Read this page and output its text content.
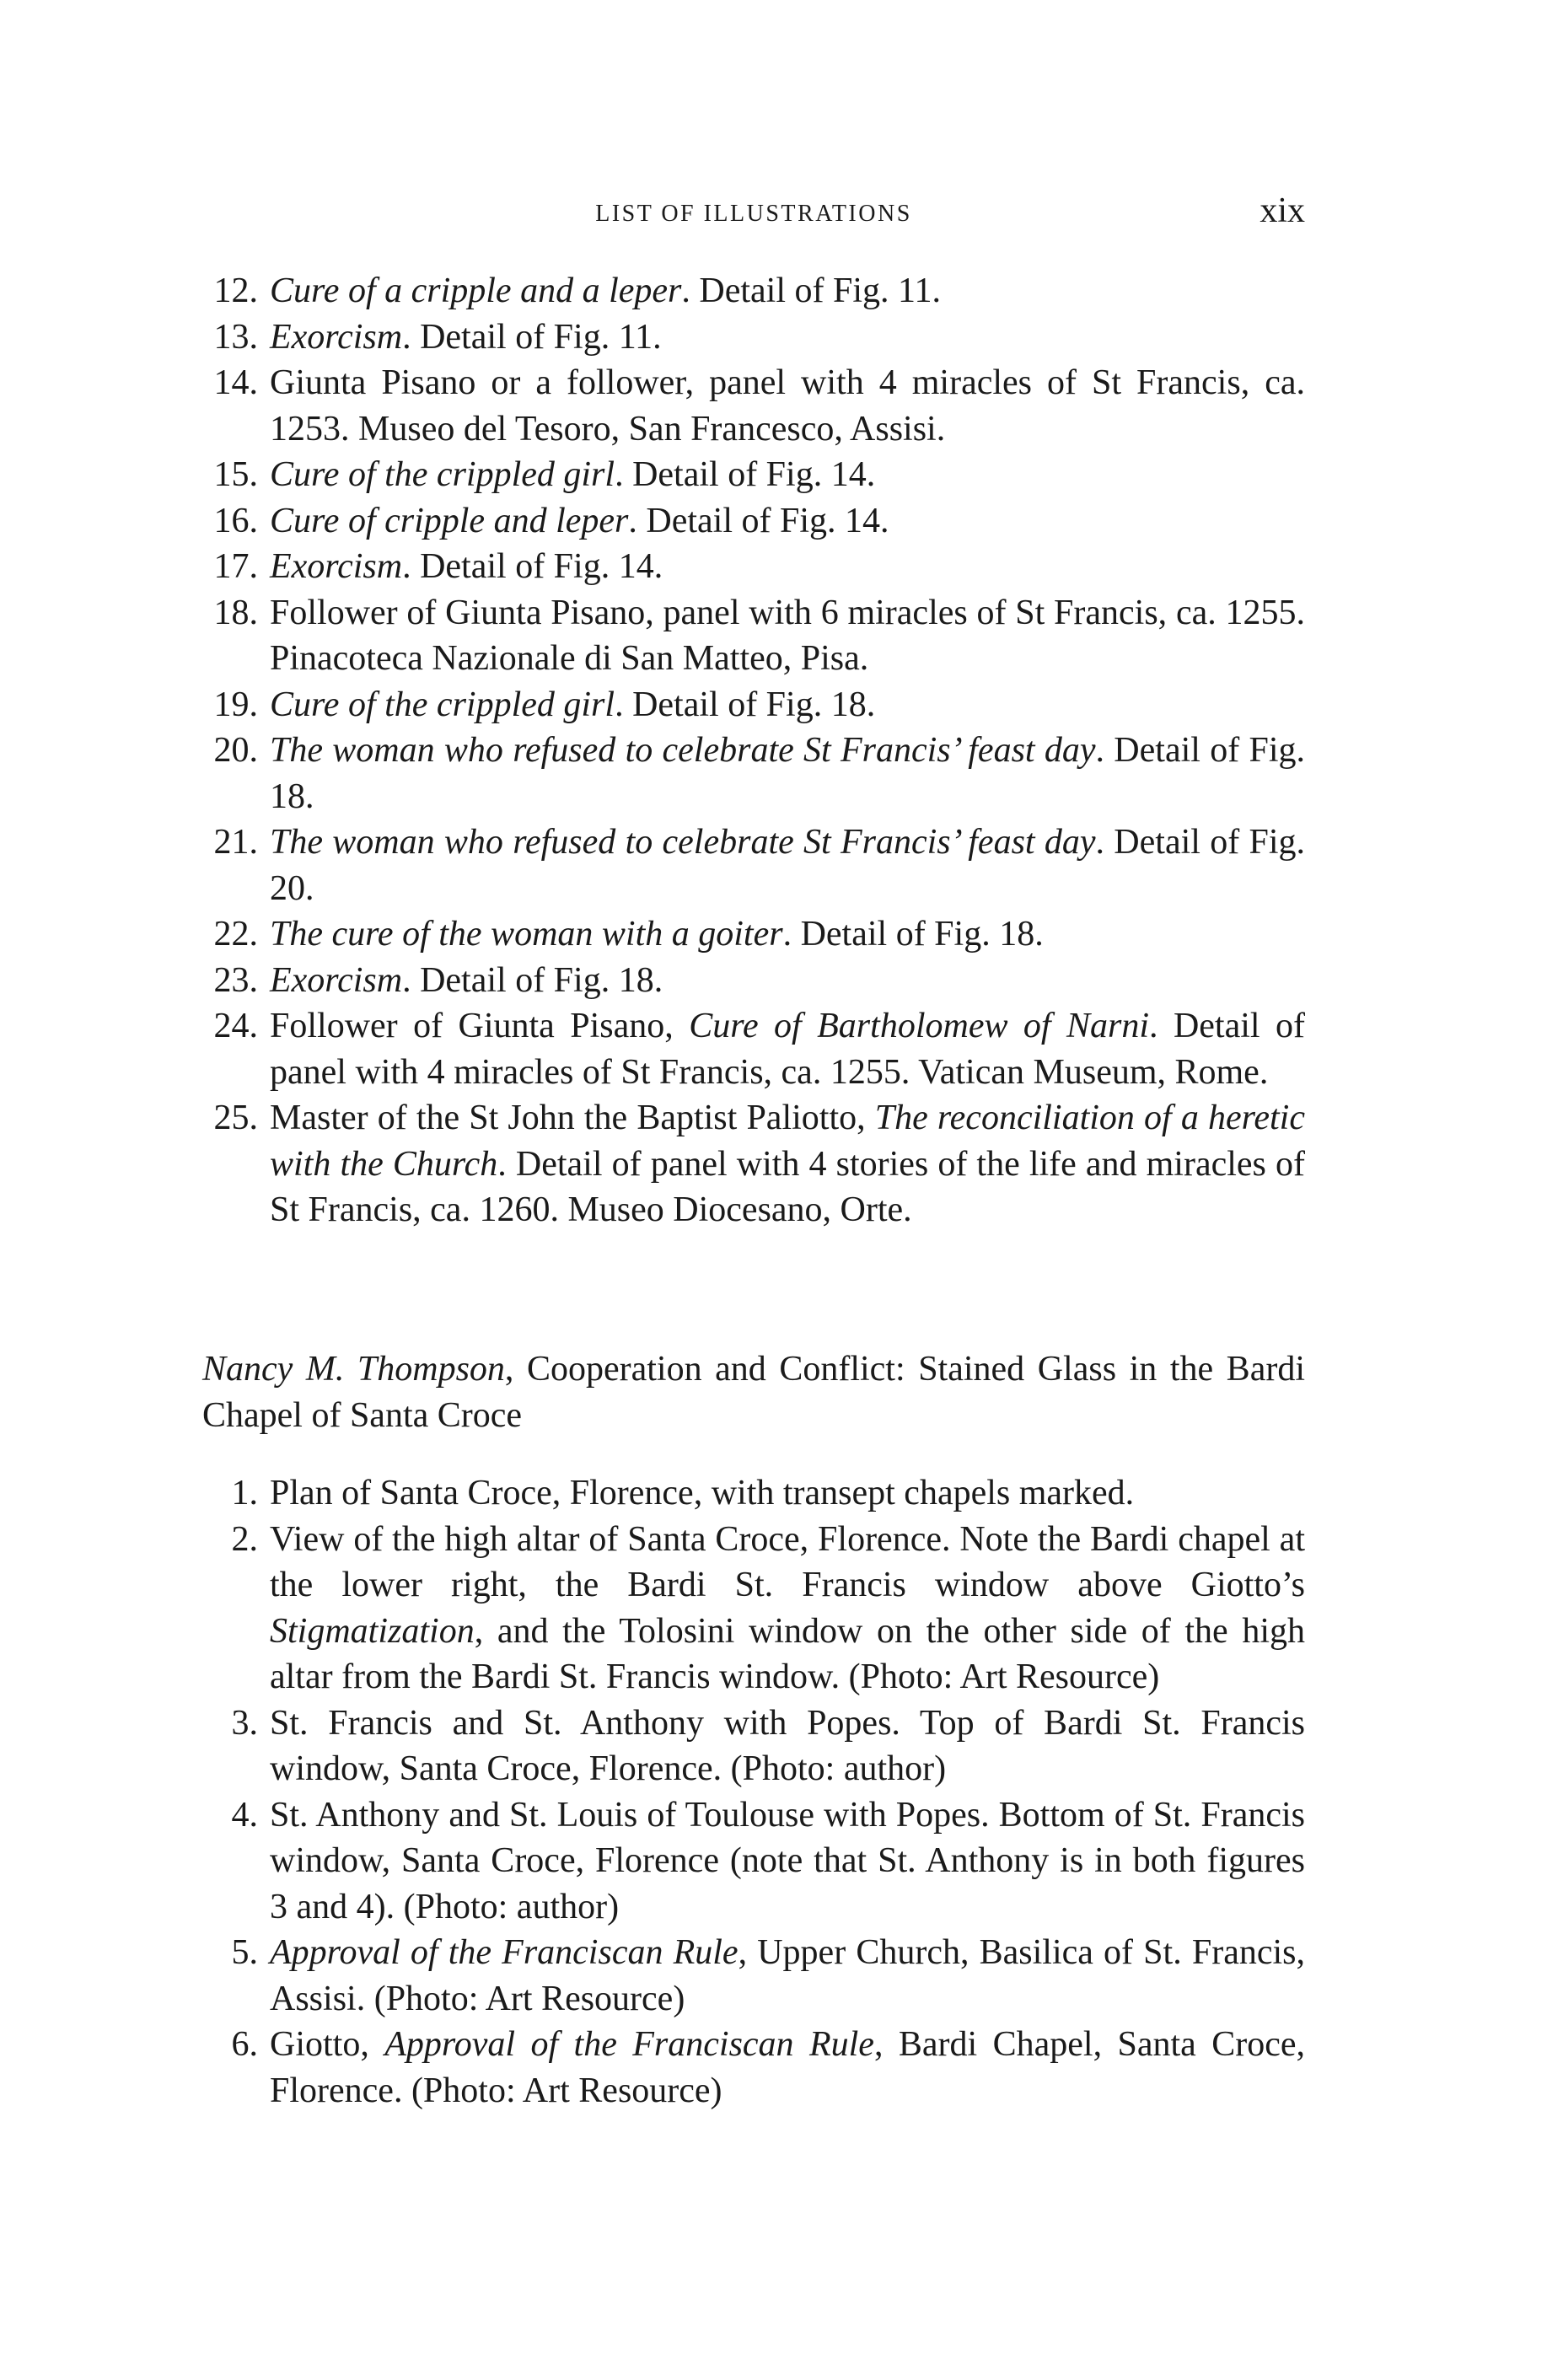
LIST OF ILLUSTRATIONS	xix
12. Cure of a cripple and a leper. Detail of Fig. 11.
13. Exorcism. Detail of Fig. 11.
14. Giunta Pisano or a follower, panel with 4 miracles of St Francis, ca. 1253. Museo del Tesoro, San Francesco, Assisi.
15. Cure of the crippled girl. Detail of Fig. 14.
16. Cure of cripple and leper. Detail of Fig. 14.
17. Exorcism. Detail of Fig. 14.
18. Follower of Giunta Pisano, panel with 6 miracles of St Francis, ca. 1255. Pinacoteca Nazionale di San Matteo, Pisa.
19. Cure of the crippled girl. Detail of Fig. 18.
20. The woman who refused to celebrate St Francis’ feast day. Detail of Fig. 18.
21. The woman who refused to celebrate St Francis’ feast day. Detail of Fig. 20.
22. The cure of the woman with a goiter. Detail of Fig. 18.
23. Exorcism. Detail of Fig. 18.
24. Follower of Giunta Pisano, Cure of Bartholomew of Narni. Detail of panel with 4 miracles of St Francis, ca. 1255. Vatican Museum, Rome.
25. Master of the St John the Baptist Paliotto, The reconciliation of a heretic with the Church. Detail of panel with 4 stories of the life and miracles of St Francis, ca. 1260. Museo Diocesano, Orte.
Nancy M. Thompson, Cooperation and Conflict: Stained Glass in the Bardi Chapel of Santa Croce
1. Plan of Santa Croce, Florence, with transept chapels marked.
2. View of the high altar of Santa Croce, Florence. Note the Bardi chapel at the lower right, the Bardi St. Francis window above Giotto’s Stigmatization, and the Tolosini window on the other side of the high altar from the Bardi St. Francis window. (Photo: Art Resource)
3. St. Francis and St. Anthony with Popes. Top of Bardi St. Francis window, Santa Croce, Florence. (Photo: author)
4. St. Anthony and St. Louis of Toulouse with Popes. Bottom of St. Francis window, Santa Croce, Florence (note that St. Anthony is in both figures 3 and 4). (Photo: author)
5. Approval of the Franciscan Rule, Upper Church, Basilica of St. Francis, Assisi. (Photo: Art Resource)
6. Giotto, Approval of the Franciscan Rule, Bardi Chapel, Santa Croce, Florence. (Photo: Art Resource)
